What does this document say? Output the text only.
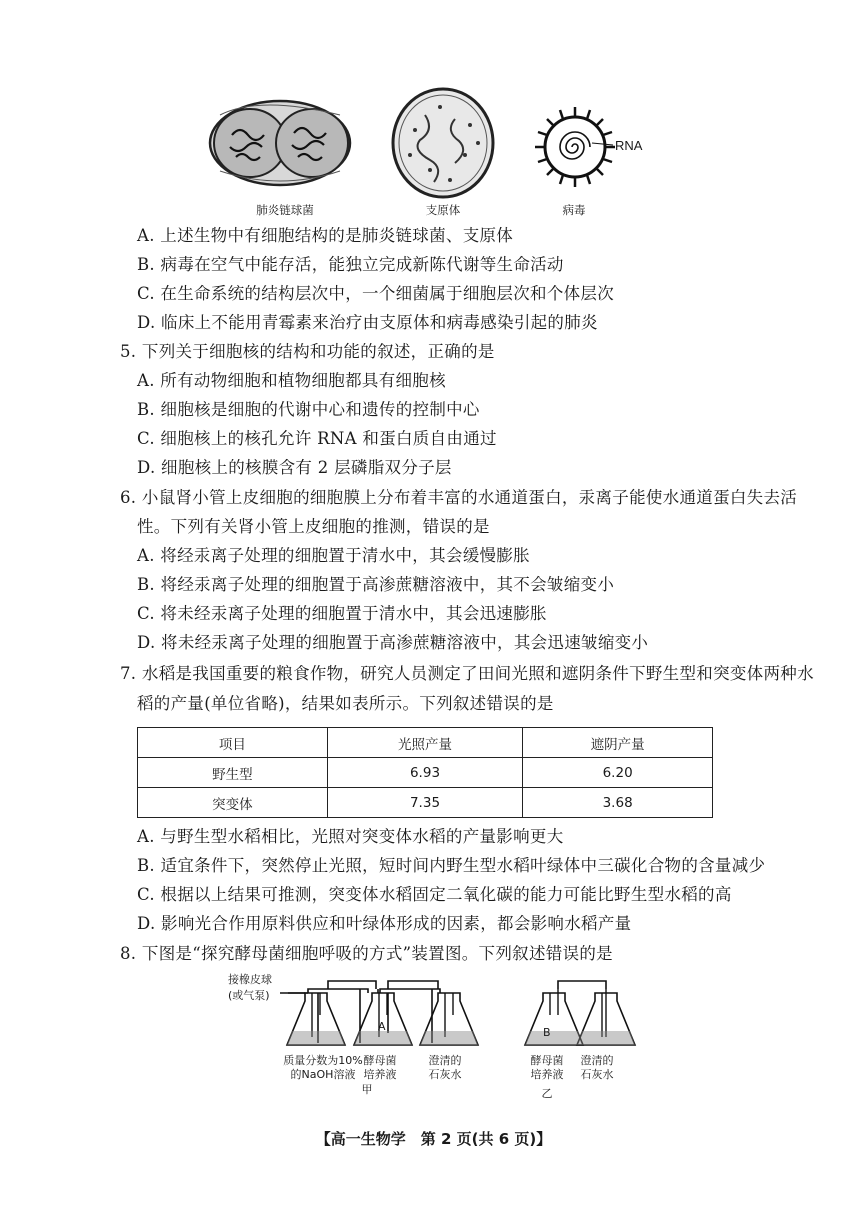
RNA
肺炎链球菌	支原体	病毒
A. 上述生物中有细胞结构的是肺炎链球菌、支原体
B. 病毒在空气中能存活，能独立完成新陈代谢等生命活动
C. 在生命系统的结构层次中，一个细菌属于细胞层次和个体层次
D. 临床上不能用青霉素来治疗由支原体和病毒感染引起的肺炎
5. 下列关于细胞核的结构和功能的叙述，正确的是
A. 所有动物细胞和植物细胞都具有细胞核
B. 细胞核是细胞的代谢中心和遗传的控制中心
C. 细胞核上的核孔允许 RNA 和蛋白质自由通过
D. 细胞核上的核膜含有 2 层磷脂双分子层
6. 小鼠肾小管上皮细胞的细胞膜上分布着丰富的水通道蛋白，汞离子能使水通道蛋白失去活
性。下列有关肾小管上皮细胞的推测，错误的是
A. 将经汞离子处理的细胞置于清水中，其会缓慢膨胀
B. 将经汞离子处理的细胞置于高渗蔗糖溶液中，其不会皱缩变小
C. 将未经汞离子处理的细胞置于清水中，其会迅速膨胀
D. 将未经汞离子处理的细胞置于高渗蔗糖溶液中，其会迅速皱缩变小
7. 水稻是我国重要的粮食作物，研究人员测定了田间光照和遮阴条件下野生型和突变体两种水
稻的产量(单位省略)，结果如表所示。下列叙述错误的是
项目	光照产量	遮阴产量
野生型	6.93	6.20
突变体	7.35	3.68
A. 与野生型水稻相比，光照对突变体水稻的产量影响更大
B. 适宜条件下，突然停止光照，短时间内野生型水稻叶绿体中三碳化合物的含量减少
C. 根据以上结果可推测，突变体水稻固定二氧化碳的能力可能比野生型水稻的高
D. 影响光合作用原料供应和叶绿体形成的因素，都会影响水稻产量
8. 下图是“探究酵母菌细胞呼吸的方式”装置图。下列叙述错误的是
接橡皮球
(或气泵)
A	B
质量分数为10%
的NaOH溶液
酵母菌
培养液
澄清的
石灰水
酵母菌
培养液
澄清的
石灰水
甲	乙
【高一生物学　第 2 页(共 6 页)】
